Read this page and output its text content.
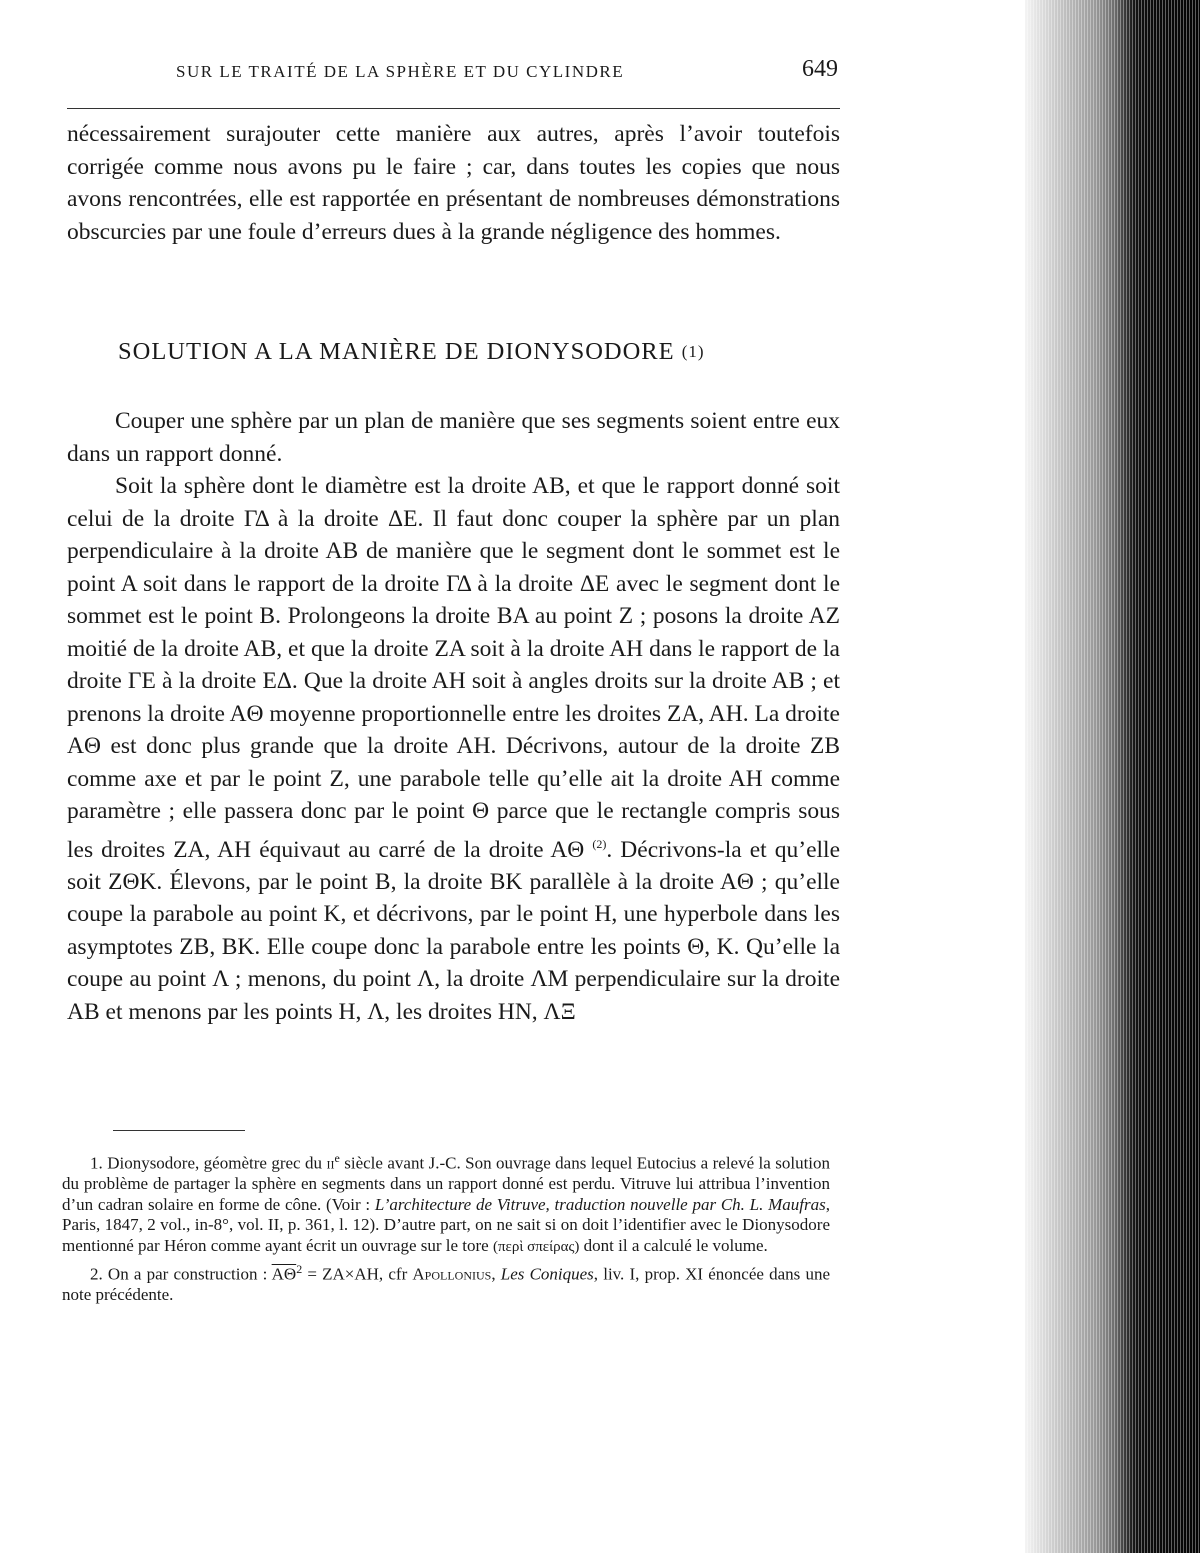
SUR LE TRAITÉ DE LA SPHÈRE ET DU CYLINDRE	649

nécessairement surajouter cette manière aux autres, après l’avoir toutefois corrigée comme nous avons pu le faire ; car, dans toutes les copies que nous avons rencontrées, elle est rapportée en présentant de nombreuses démonstrations obscurcies par une foule d’erreurs dues à la grande négligence des hommes.

SOLUTION A LA MANIÈRE DE DIONYSODORE (1)

Couper une sphère par un plan de manière que ses segments soient entre eux dans un rapport donné.

Soit la sphère dont le diamètre est la droite AB, et que le rapport donné soit celui de la droite ΓΔ à la droite ΔE. Il faut donc couper la sphère par un plan perpendiculaire à la droite AB de manière que le segment dont le sommet est le point A soit dans le rapport de la droite ΓΔ à la droite ΔE avec le segment dont le sommet est le point B. Prolongeons la droite BA au point Z ; posons la droite AZ moitié de la droite AB, et que la droite ZA soit à la droite AH dans le rapport de la droite ΓE à la droite EΔ. Que la droite AH soit à angles droits sur la droite AB ; et prenons la droite AΘ moyenne proportionnelle entre les droites ZA, AH. La droite AΘ est donc plus grande que la droite AH. Décrivons, autour de la droite ZB comme axe et par le point Z, une parabole telle qu’elle ait la droite AH comme paramètre ; elle passera donc par le point Θ parce que le rectangle compris sous les droites ZA, AH équivaut au carré de la droite AΘ $^{(2)}$. Décrivons-la et qu’elle soit ZΘK. Élevons, par le point B, la droite BK parallèle à la droite AΘ ; qu’elle coupe la parabole au point K, et décrivons, par le point H, une hyperbole dans les asymptotes ZB, BK. Elle coupe donc la parabole entre les points Θ, K. Qu’elle la coupe au point Λ ; menons, du point Λ, la droite ΛM perpendiculaire sur la droite AB et menons par les points H, Λ, les droites HN, ΛΞ

1. Dionysodore, géomètre grec du $ii^e$ siècle avant J.-C. Son ouvrage dans lequel Eutocius a relevé la solution du problème de partager la sphère en segments dans un rapport donné est perdu. Vitruve lui attribua l’invention d’un cadran solaire en forme de cône. (Voir : L’architecture de Vitruve, traduction nouvelle par Ch. L. Maufras, Paris, 1847, 2 vol., in-8°, vol. II, p. 361, l. 12). D’autre part, on ne sait si on doit l’identifier avec le Dionysodore mentionné par Héron comme ayant écrit un ouvrage sur le tore (περὶ σπείρας) dont il a calculé le volume.

2. On a par construction : $\overline{A\Theta}^2 = ZA\times AH$, cfr Apollonius, Les Coniques, liv. I, prop. XI énoncée dans une note précédente.
